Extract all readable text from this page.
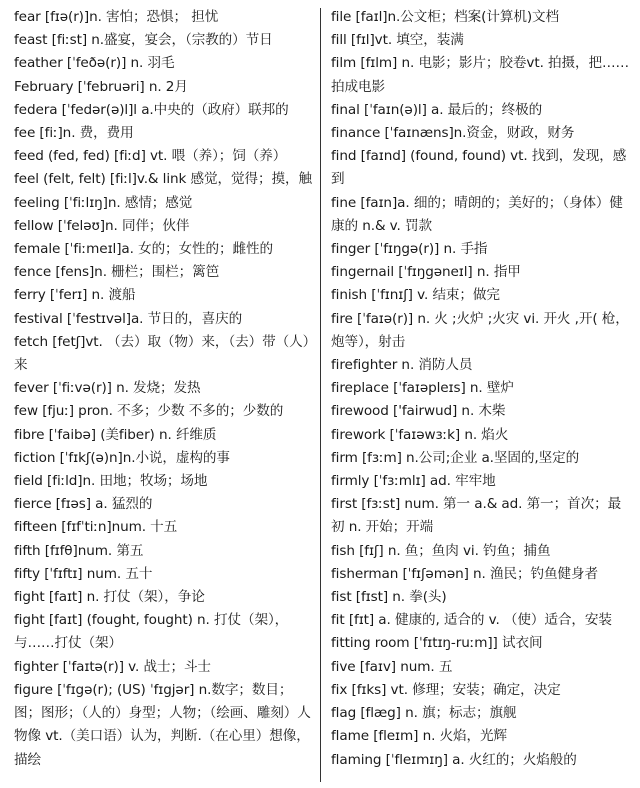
fear [fɪə(r)]n. 害怕；恐惧； 担忧
feast [fiːst] n.盛宴，宴会，（宗教的）节日
feather [ˈfeðə(r)] n. 羽毛
February [ˈfebruəri] n. 2月
federa [ˈfedər(ə)l]l a.中央的（政府）联邦的
fee [fiː]n. 费，费用
feed (fed, fed) [fiːd] vt. 喂（养）；饲（养）
feel (felt, felt) [fiːl]v.& link 感觉，觉得；摸，触
feeling [ˈfiːlɪŋ]n. 感情；感觉
fellow [ˈfeləʊ]n. 同伴；伙伴
female [ˈfiːmeɪl]a. 女的；女性的；雌性的
fence [fens]n. 栅栏；围栏；篱笆
ferry [ˈferɪ] n. 渡船
festival [ˈfestɪvəl]a. 节日的，喜庆的
fetch [fetʃ]vt. （去）取（物）来，（去）带（人）来
fever [ˈfiːvə(r)] n. 发烧；发热
few [fjuː] pron. 不多；少数 不多的；少数的
fibre [ˈfaibə] (美fiber) n. 纤维质
fiction [ˈfɪkʃ(ə)n]n.小说，虚构的事
field [fiːld]n. 田地；牧场；场地
fierce [fɪəs] a. 猛烈的
fifteen [fɪfˈtiːn]num. 十五
fifth [fɪfθ]num. 第五
fifty [ˈfɪftɪ] num. 五十
fight [faɪt] n. 打仗（架），争论
fight [faɪt] (fought, fought) n. 打仗（架），与……打仗（架）
fighter [ˈfaɪtə(r)] v. 战士；斗士
figure [ˈfɪgə(r); (US) ˈfɪgjər] n.数字；数目；图；图形；（人的）身型；人物；（绘画、雕刻）人物像 vt.（美口语）认为，判断.（在心里）想像，描绘
file [faɪl]n.公文柜；档案(计算机)文档
fill [fɪl]vt. 填空，装满
film [fɪlm] n. 电影；影片；胶卷vt. 拍摄，把……拍成电影
final [ˈfaɪn(ə)l] a. 最后的；终极的
finance [ˈfaɪnæns]n.资金，财政，财务
find [faɪnd] (found, found) vt. 找到，发现，感到
fine [faɪn]a. 细的；晴朗的；美好的；（身体）健康的 n.& v. 罚款
finger [ˈfɪŋgə(r)] n. 手指
fingernail [ˈfɪŋgəneɪl] n. 指甲
finish [ˈfɪnɪʃ] v. 结束；做完
fire [ˈfaɪə(r)] n. 火 ;火炉 ;火灾 vi. 开火 ,开( 枪，炮等），射击
firefighter n. 消防人员
fireplace [ˈfaɪəpleɪs] n. 壁炉
firewood ['fairwud] n. 木柴
firework [ˈfaɪəwɜːk] n. 焰火
firm [fɜːm] n.公司;企业 a.坚固的,坚定的
firmly [ˈfɜːmlɪ] ad. 牢牢地
first [fɜːst] num. 第一 a.& ad. 第一；首次；最初 n. 开始；开端
fish [fɪʃ] n. 鱼；鱼肉 vi. 钓鱼；捕鱼
fisherman [ˈfɪʃəmən] n. 渔民；钓鱼健身者
fist [fɪst] n. 拳(头)
fit [fɪt] a. 健康的, 适合的 v. （使）适合，安装
fitting room [ˈfɪtɪŋ-ruːm]] 试衣间
five [faɪv] num. 五
fix [fɪks] vt. 修理；安装；确定，决定
flag [flæg] n. 旗；标志；旗舰
flame [fleɪm] n. 火焰，光辉
flaming [ˈfleɪmɪŋ] a. 火红的；火焰般的
